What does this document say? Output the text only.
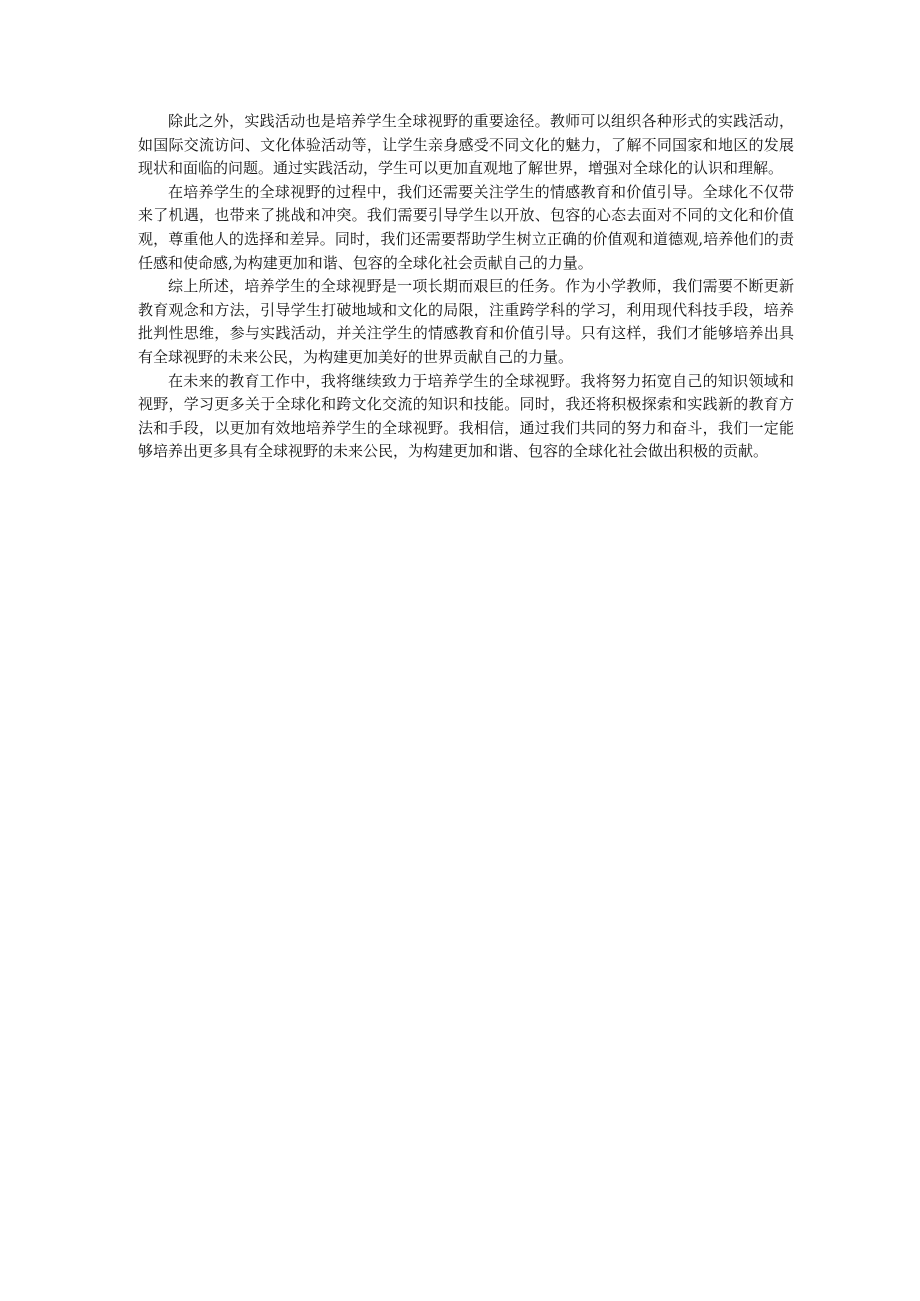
除此之外，实践活动也是培养学生全球视野的重要途径。教师可以组织各种形式的实践活动，如国际交流访问、文化体验活动等，让学生亲身感受不同文化的魅力，了解不同国家和地区的发展现状和面临的问题。通过实践活动，学生可以更加直观地了解世界，增强对全球化的认识和理解。

在培养学生的全球视野的过程中，我们还需要关注学生的情感教育和价值引导。全球化不仅带来了机遇，也带来了挑战和冲突。我们需要引导学生以开放、包容的心态去面对不同的文化和价值观，尊重他人的选择和差异。同时，我们还需要帮助学生树立正确的价值观和道德观,培养他们的责任感和使命感,为构建更加和谐、包容的全球化社会贡献自己的力量。

综上所述，培养学生的全球视野是一项长期而艰巨的任务。作为小学教师，我们需要不断更新教育观念和方法，引导学生打破地域和文化的局限，注重跨学科的学习，利用现代科技手段，培养批判性思维，参与实践活动，并关注学生的情感教育和价值引导。只有这样，我们才能够培养出具有全球视野的未来公民，为构建更加美好的世界贡献自己的力量。

在未来的教育工作中，我将继续致力于培养学生的全球视野。我将努力拓宽自己的知识领域和视野，学习更多关于全球化和跨文化交流的知识和技能。同时，我还将积极探索和实践新的教育方法和手段，以更加有效地培养学生的全球视野。我相信，通过我们共同的努力和奋斗，我们一定能够培养出更多具有全球视野的未来公民，为构建更加和谐、包容的全球化社会做出积极的贡献。
